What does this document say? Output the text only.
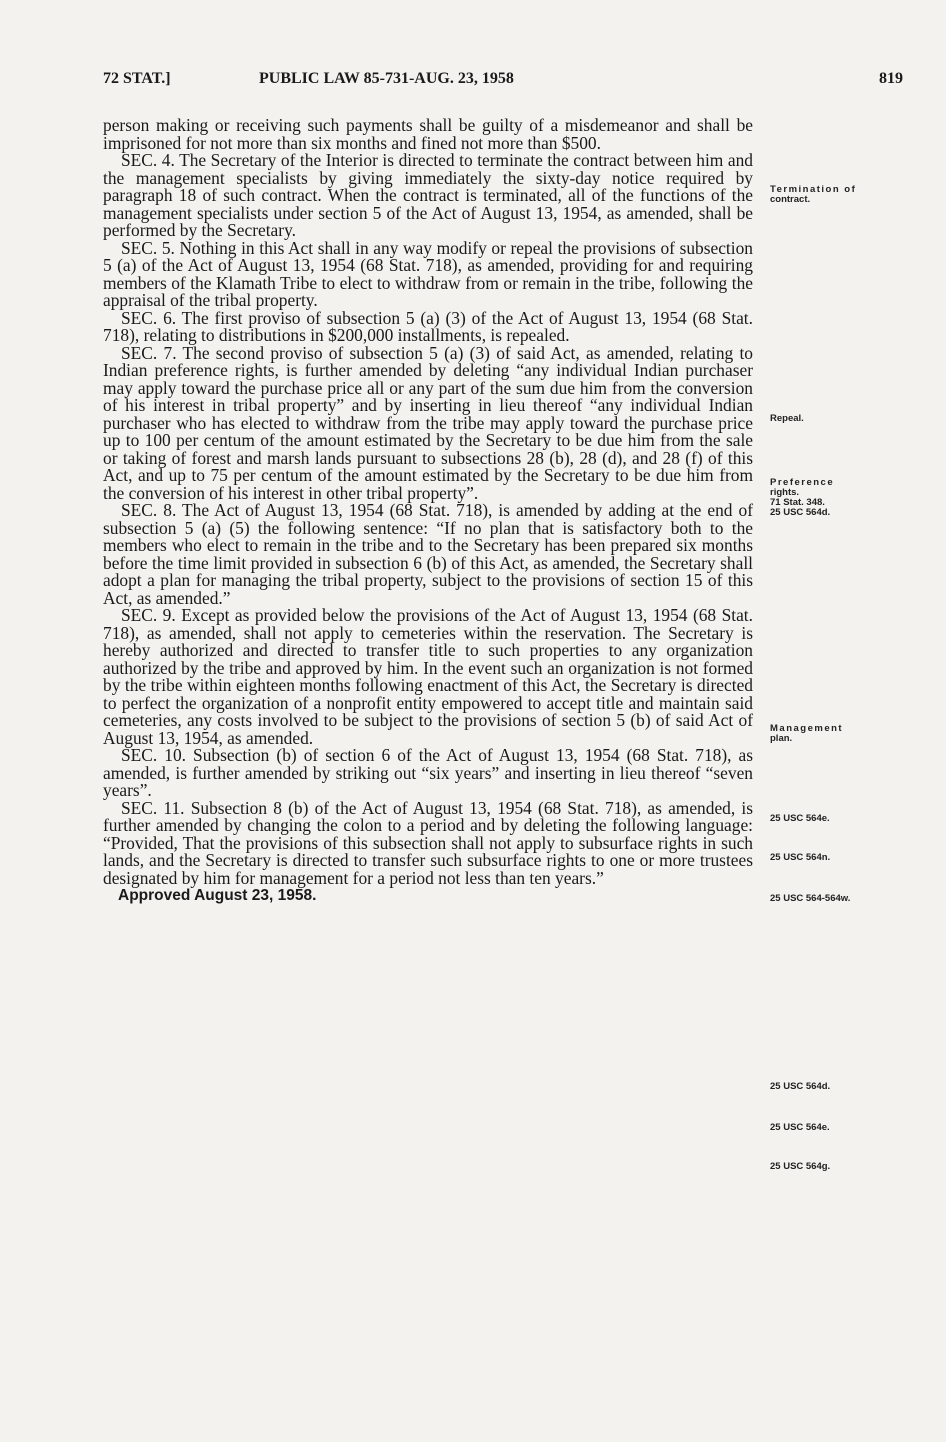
72 STAT.]	PUBLIC LAW 85-731-AUG. 23, 1958	819

person making or receiving such payments shall be guilty of a misdemeanor and shall be imprisoned for not more than six months and fined not more than $500.

SEC. 4. The Secretary of the Interior is directed to terminate the contract between him and the management specialists by giving immediately the sixty-day notice required by paragraph 18 of such contract. When the contract is terminated, all of the functions of the management specialists under section 5 of the Act of August 13, 1954, as amended, shall be performed by the Secretary.

SEC. 5. Nothing in this Act shall in any way modify or repeal the provisions of subsection 5 (a) of the Act of August 13, 1954 (68 Stat. 718), as amended, providing for and requiring members of the Klamath Tribe to elect to withdraw from or remain in the tribe, following the appraisal of the tribal property.

SEC. 6. The first proviso of subsection 5 (a) (3) of the Act of August 13, 1954 (68 Stat. 718), relating to distributions in $200,000 installments, is repealed.

SEC. 7. The second proviso of subsection 5 (a) (3) of said Act, as amended, relating to Indian preference rights, is further amended by deleting “any individual Indian purchaser may apply toward the purchase price all or any part of the sum due him from the conversion of his interest in tribal property” and by inserting in lieu thereof “any individual Indian purchaser who has elected to withdraw from the tribe may apply toward the purchase price up to 100 per centum of the amount estimated by the Secretary to be due him from the sale or taking of forest and marsh lands pursuant to subsections 28 (b), 28 (d), and 28 (f) of this Act, and up to 75 per centum of the amount estimated by the Secretary to be due him from the conversion of his interest in other tribal property”.

SEC. 8. The Act of August 13, 1954 (68 Stat. 718), is amended by adding at the end of subsection 5 (a) (5) the following sentence: “If no plan that is satisfactory both to the members who elect to remain in the tribe and to the Secretary has been prepared six months before the time limit provided in subsection 6 (b) of this Act, as amended, the Secretary shall adopt a plan for managing the tribal property, subject to the provisions of section 15 of this Act, as amended.”

SEC. 9. Except as provided below the provisions of the Act of August 13, 1954 (68 Stat. 718), as amended, shall not apply to cemeteries within the reservation. The Secretary is hereby authorized and directed to transfer title to such properties to any organization authorized by the tribe and approved by him. In the event such an organization is not formed by the tribe within eighteen months following enactment of this Act, the Secretary is directed to perfect the organization of a nonprofit entity empowered to accept title and maintain said cemeteries, any costs involved to be subject to the provisions of section 5 (b) of said Act of August 13, 1954, as amended.

SEC. 10. Subsection (b) of section 6 of the Act of August 13, 1954 (68 Stat. 718), as amended, is further amended by striking out “six years” and inserting in lieu thereof “seven years”.

SEC. 11. Subsection 8 (b) of the Act of August 13, 1954 (68 Stat. 718), as amended, is further amended by changing the colon to a period and by deleting the following language: “Provided, That the provisions of this subsection shall not apply to subsurface rights in such lands, and the Secretary is directed to transfer such subsurface rights to one or more trustees designated by him for management for a period not less than ten years.”

Approved August 23, 1958.

Termination of
contract.
Repeal.
Preference
rights.
71 Stat. 348.
25 USC 564d.
Management
plan.
25 USC 564e.
25 USC 564n.
25 USC 564-564w.
25 USC 564d.
25 USC 564e.
25 USC 564g.
